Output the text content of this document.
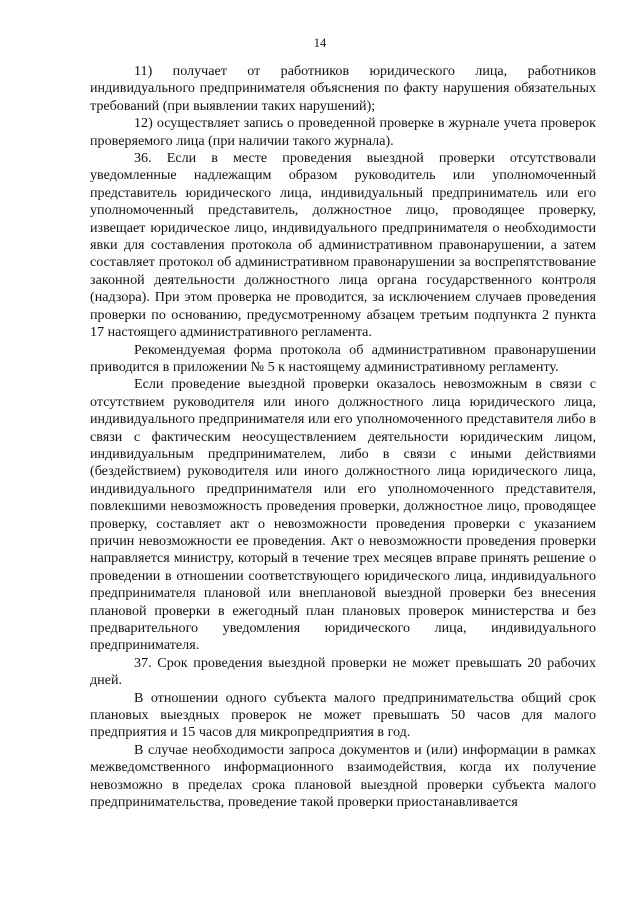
14

11) получает от работников юридического лица, работников индивидуального предпринимателя объяснения по факту нарушения обязательных требований (при выявлении таких нарушений);

12) осуществляет запись о проведенной проверке в журнале учета проверок проверяемого лица (при наличии такого журнала).

36. Если в месте проведения выездной проверки отсутствовали уведомленные надлежащим образом руководитель или уполномоченный представитель юридического лица, индивидуальный предприниматель или его уполномоченный представитель, должностное лицо, проводящее проверку, извещает юридическое лицо, индивидуального предпринимателя о необходимости явки для составления протокола об административном правонарушении, а затем составляет протокол об административном правонарушении за воспрепятствование законной деятельности должностного лица органа государственного контроля (надзора). При этом проверка не проводится, за исключением случаев проведения проверки по основанию, предусмотренному абзацем третьим подпункта 2 пункта 17 настоящего административного регламента.

Рекомендуемая форма протокола об административном правонарушении приводится в приложении № 5 к настоящему административному регламенту.

Если проведение выездной проверки оказалось невозможным в связи с отсутствием руководителя или иного должностного лица юридического лица, индивидуального предпринимателя или его уполномоченного представителя либо в связи с фактическим неосуществлением деятельности юридическим лицом, индивидуальным предпринимателем, либо в связи с иными действиями (бездействием) руководителя или иного должностного лица юридического лица, индивидуального предпринимателя или его уполномоченного представителя, повлекшими невозможность проведения проверки, должностное лицо, проводящее проверку, составляет акт о невозможности проведения проверки с указанием причин невозможности ее проведения. Акт о невозможности проведения проверки направляется министру, который в течение трех месяцев вправе принять решение о проведении в отношении соответствующего юридического лица, индивидуального предпринимателя плановой или внеплановой выездной проверки без внесения плановой проверки в ежегодный план плановых проверок министерства и без предварительного уведомления юридического лица, индивидуального предпринимателя.

37. Срок проведения выездной проверки не может превышать 20 рабочих дней.

В отношении одного субъекта малого предпринимательства общий срок плановых выездных проверок не может превышать 50 часов для малого предприятия и 15 часов для микропредприятия в год.

В случае необходимости запроса документов и (или) информации в рамках межведомственного информационного взаимодействия, когда их получение невозможно в пределах срока плановой выездной проверки субъекта малого предпринимательства, проведение такой проверки приостанавливается
